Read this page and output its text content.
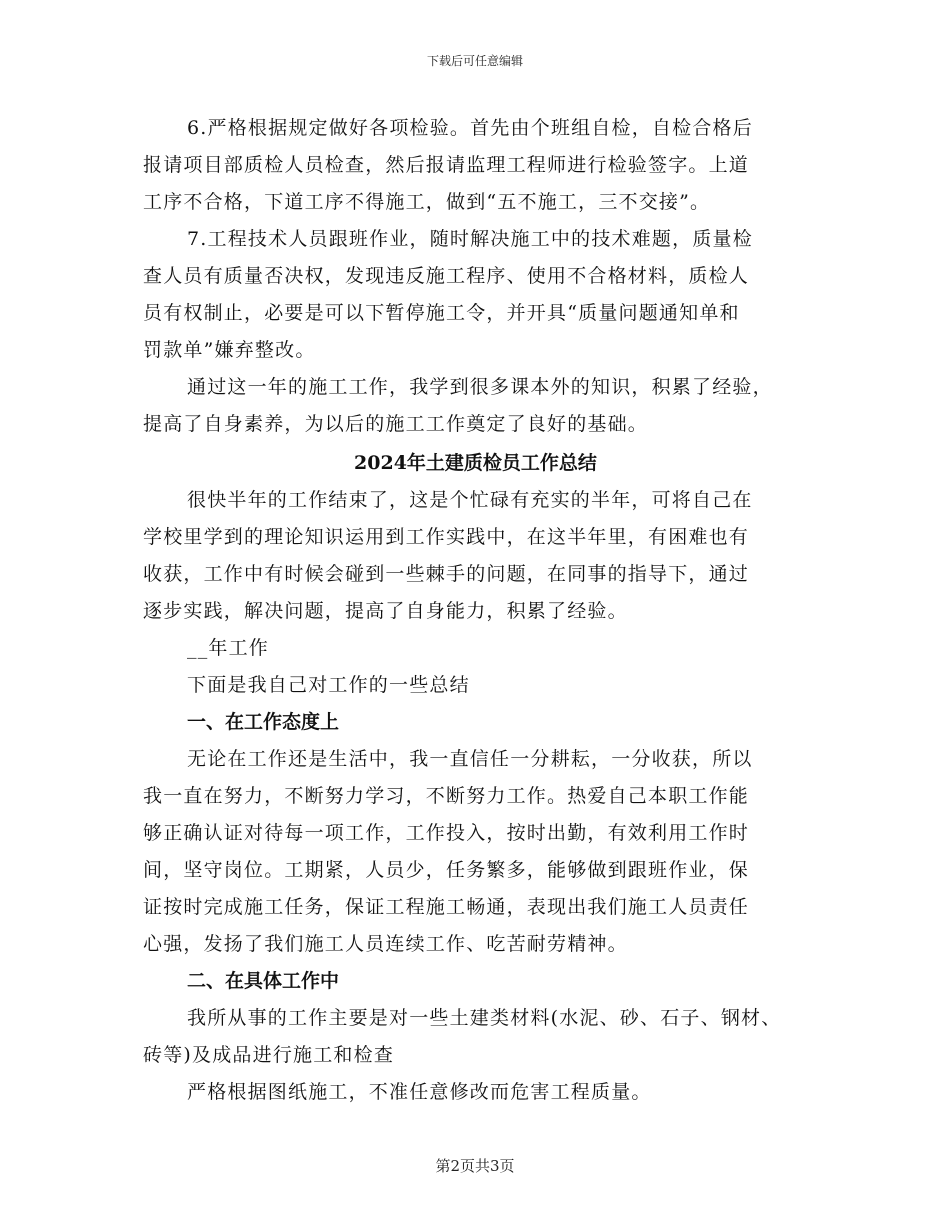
下载后可任意编辑
6.严格根据规定做好各项检验。首先由个班组自检，自检合格后
报请项目部质检人员检查，然后报请监理工程师进行检验签字。上道
工序不合格，下道工序不得施工，做到“五不施工，三不交接”。
7.工程技术人员跟班作业，随时解决施工中的技术难题，质量检
查人员有质量否决权，发现违反施工程序、使用不合格材料，质检人
员有权制止，必要是可以下暂停施工令，并开具“质量问题通知单和
罚款单”嫌弃整改。
通过这一年的施工工作，我学到很多课本外的知识，积累了经验，
提高了自身素养，为以后的施工工作奠定了良好的基础。
2024年土建质检员工作总结
很快半年的工作结束了，这是个忙碌有充实的半年，可将自己在
学校里学到的理论知识运用到工作实践中，在这半年里，有困难也有
收获，工作中有时候会碰到一些棘手的问题，在同事的指导下，通过
逐步实践，解决问题，提高了自身能力，积累了经验。
__年工作
下面是我自己对工作的一些总结
一、在工作态度上
无论在工作还是生活中，我一直信任一分耕耘，一分收获，所以
我一直在努力，不断努力学习，不断努力工作。热爱自己本职工作能
够正确认证对待每一项工作，工作投入，按时出勤，有效利用工作时
间，坚守岗位。工期紧，人员少，任务繁多，能够做到跟班作业，保
证按时完成施工任务，保证工程施工畅通，表现出我们施工人员责任
心强，发扬了我们施工人员连续工作、吃苦耐劳精神。
二、在具体工作中
我所从事的工作主要是对一些土建类材料(水泥、砂、石子、钢材、
砖等)及成品进行施工和检查
严格根据图纸施工，不准任意修改而危害工程质量。
第2页共3页
